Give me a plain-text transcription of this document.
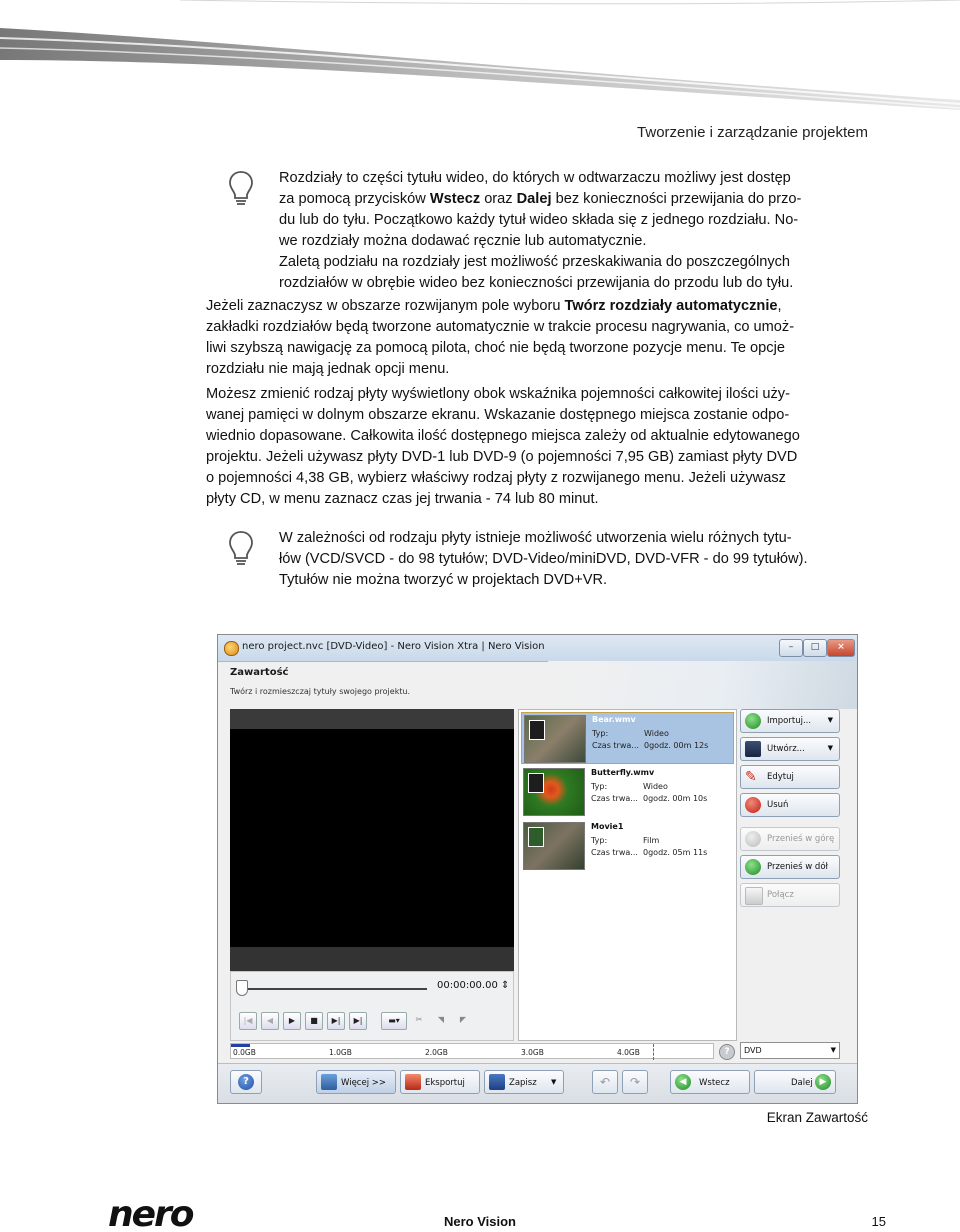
Tworzenie i zarządzanie projektem

Rozdziały to części tytułu wideo, do których w odtwarzaczu możliwy jest dostęp

za pomocą przycisków Wstecz oraz Dalej bez konieczności przewijania do przo-

du lub do tyłu. Początkowo każdy tytuł wideo składa się z jednego rozdziału. No-

we rozdziały można dodawać ręcznie lub automatycznie.

Zaletą podziału na rozdziały jest możliwość przeskakiwania do poszczególnych

rozdziałów w obrębie wideo bez konieczności przewijania do przodu lub do tyłu.

Jeżeli zaznaczysz w obszarze rozwijanym pole wyboru Twórz rozdziały automatycznie,

zakładki rozdziałów będą tworzone automatycznie w trakcie procesu nagrywania, co umoż-

liwi szybszą nawigację za pomocą pilota, choć nie będą tworzone pozycje menu. Te opcje

rozdziału nie mają jednak opcji menu.

Możesz zmienić rodzaj płyty wyświetlony obok wskaźnika pojemności całkowitej ilości uży-

wanej pamięci w dolnym obszarze ekranu. Wskazanie dostępnego miejsca zostanie odpo-

wiednio dopasowane. Całkowita ilość dostępnego miejsca zależy od aktualnie edytowanego

projektu. Jeżeli używasz płyty DVD-1 lub DVD-9 (o pojemności 7,95 GB) zamiast płyty DVD

o pojemności 4,38 GB, wybierz właściwy rodzaj płyty z rozwijanego menu. Jeżeli używasz

płyty CD, w menu zaznacz czas jej trwania - 74 lub 80 minut.

W zależności od rodzaju płyty istnieje możliwość utworzenia wielu różnych tytu-

łów (VCD/SVCD - do 98 tytułów; DVD-Video/miniDVD, DVD-VFR - do 99 tytułów).

Tytułów nie można tworzyć w projektach DVD+VR.

nero project.nvc [DVD-Video] - Nero Vision Xtra | Nero Vision	–	□	×
Zawartość
Twórz i rozmieszczaj tytuły swojego projektu.
00:00:00.00 ⇕
|◀	◀	▶	■	▶|	▶|	▬▾	✂	◥	◤
Bear.wmv
Typ:	Wideo
Czas trwa... 0godz. 00m 12s
Butterfly.wmv
Typ:	Wideo
Czas trwa... 0godz. 00m 10s
Movie1
Typ:	Film
Czas trwa... 0godz. 05m 11s
Importuj... ▼
Utwórz...	▼
✎	Edytuj
Usuń
Przenieś w górę
Przenieś w dół
Połącz
0.0GB	1.0GB	2.0GB	3.0GB	4.0GB	?	DVD	▼
?	Więcej >>	Eksportuj	Zapisz ▼	↶ ↷	◀	Wstecz	Dalej ▶
Ekran Zawartość
nero	Nero Vision	15
